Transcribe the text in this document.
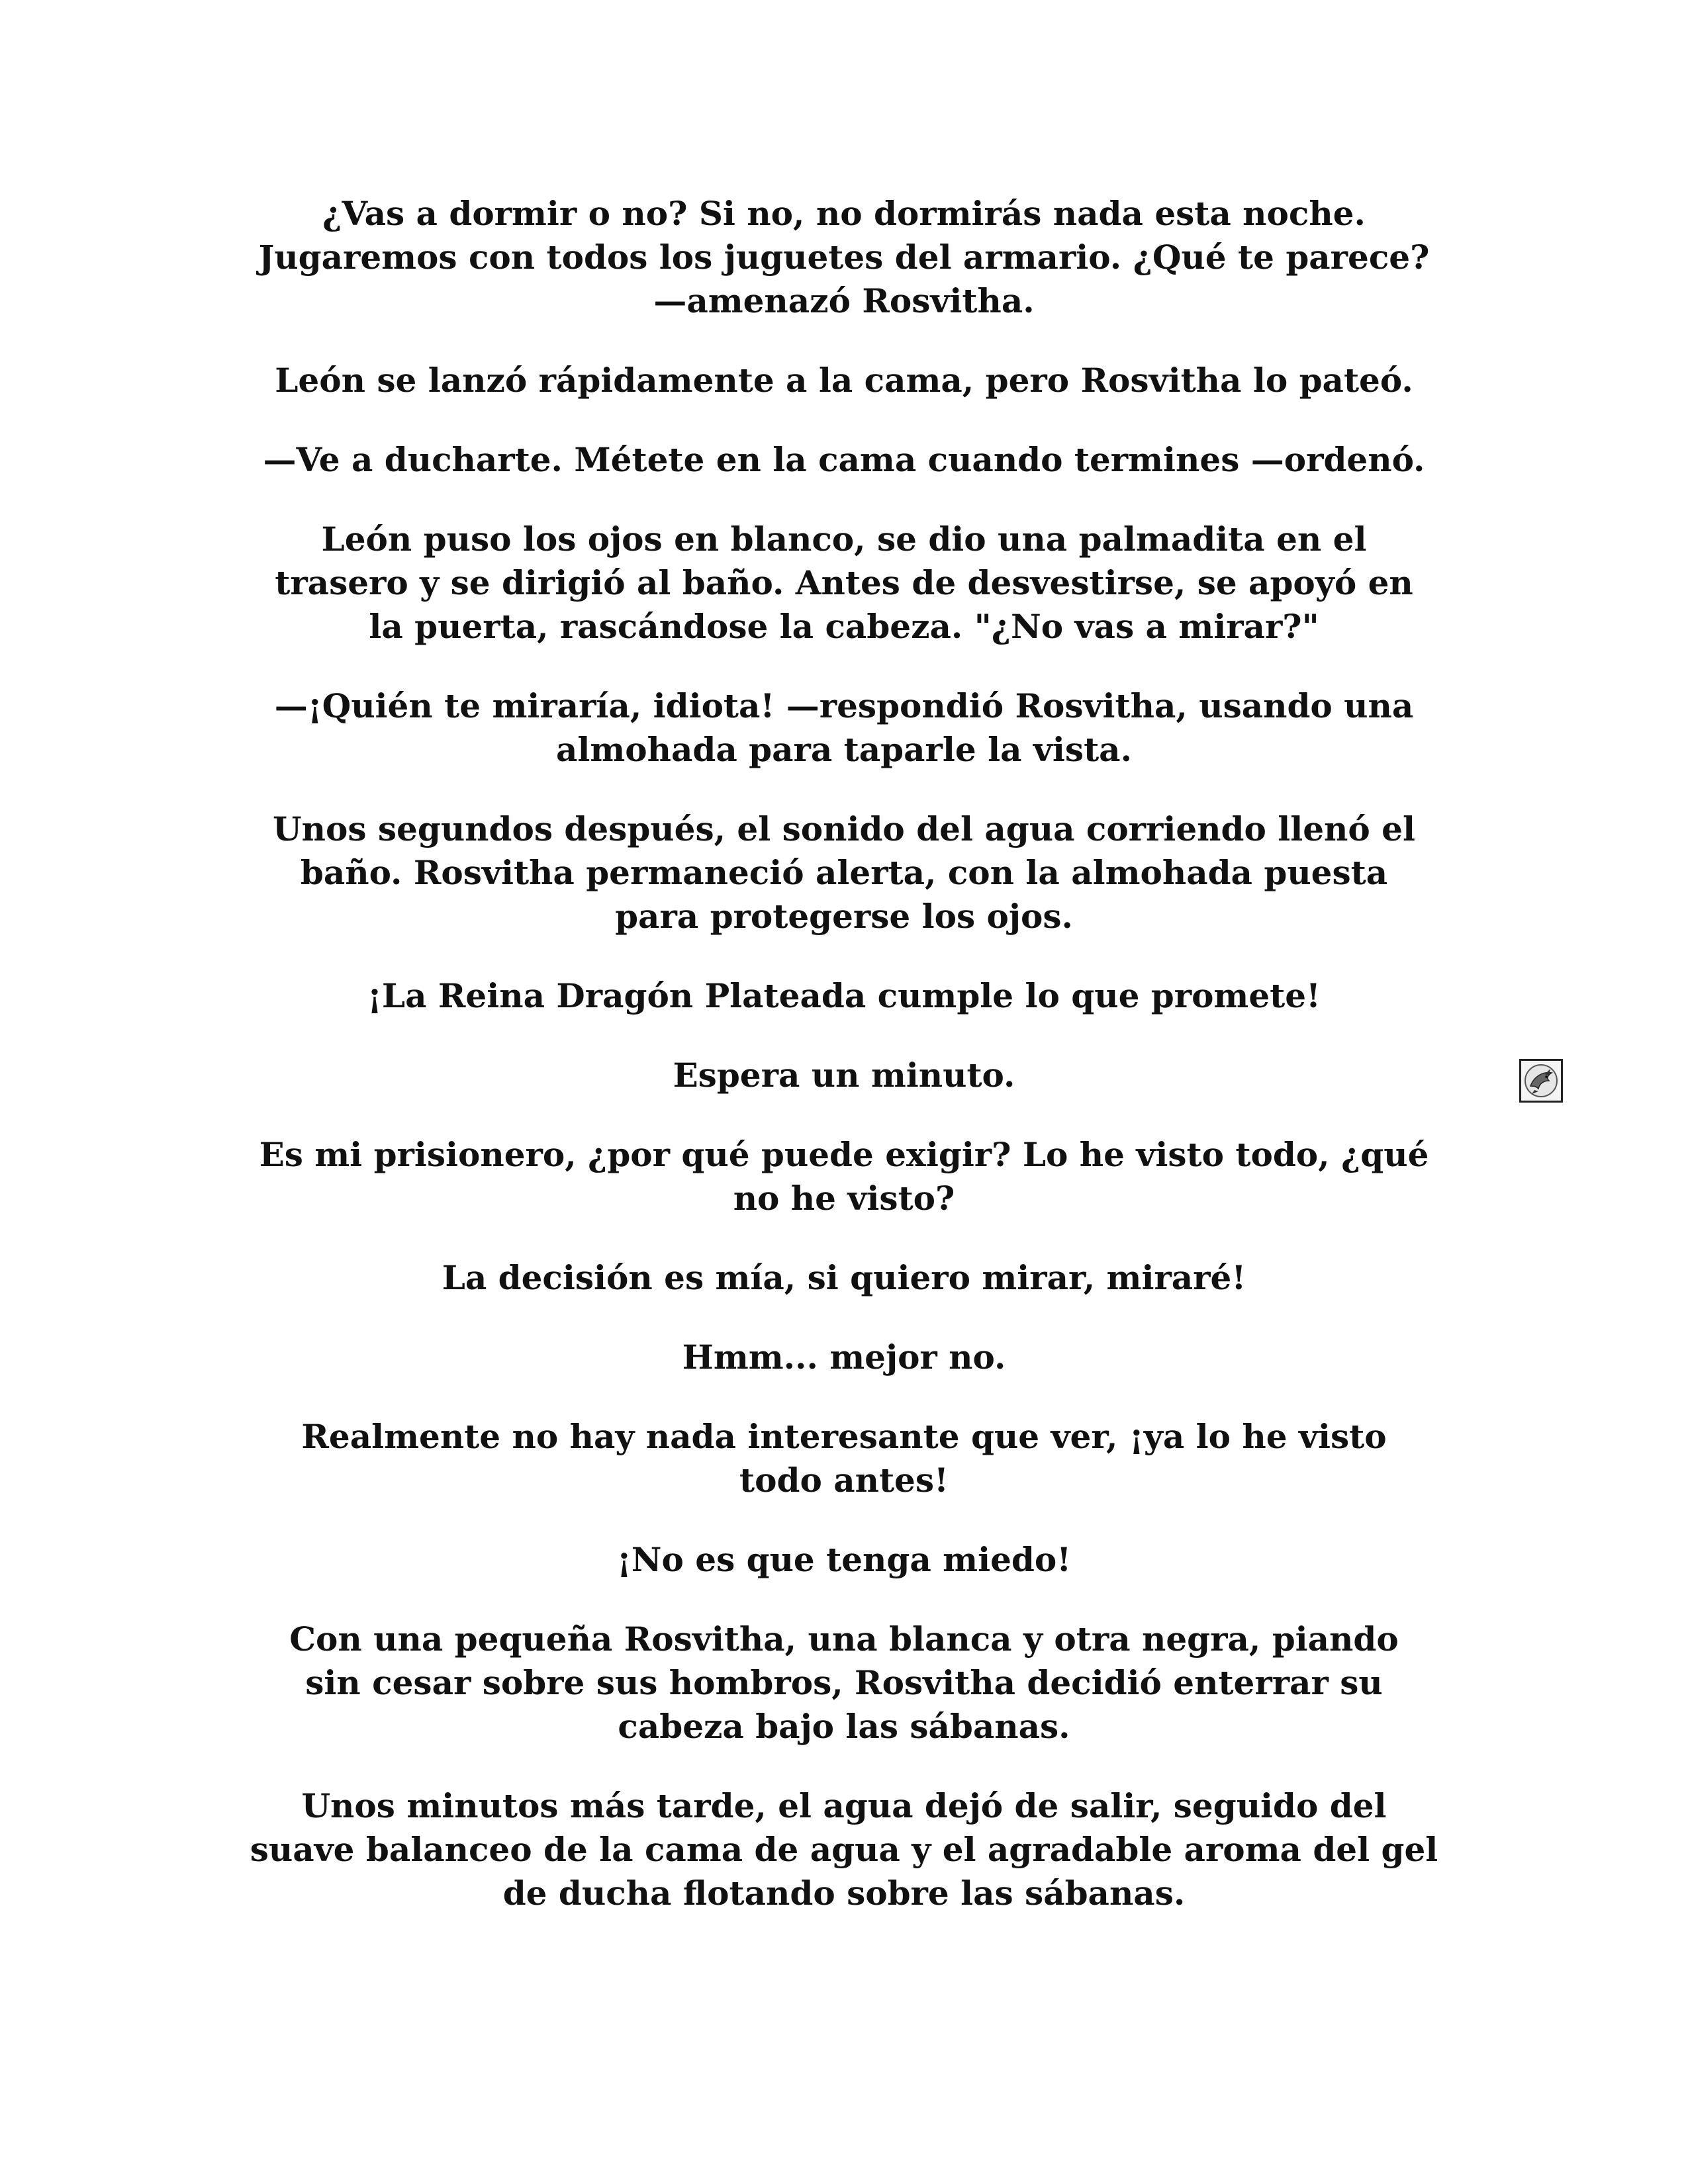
¿Vas a dormir o no? Si no, no dormirás nada esta noche.
Jugaremos con todos los juguetes del armario. ¿Qué te parece?
—amenazó Rosvitha.

León se lanzó rápidamente a la cama, pero Rosvitha lo pateó.

—Ve a ducharte. Métete en la cama cuando termines —ordenó.

León puso los ojos en blanco, se dio una palmadita en el
trasero y se dirigió al baño. Antes de desvestirse, se apoyó en
la puerta, rascándose la cabeza. "¿No vas a mirar?"

—¡Quién te miraría, idiota! —respondió Rosvitha, usando una
almohada para taparle la vista.

Unos segundos después, el sonido del agua corriendo llenó el
baño. Rosvitha permaneció alerta, con la almohada puesta
para protegerse los ojos.

¡La Reina Dragón Plateada cumple lo que promete!

Espera un minuto.

Es mi prisionero, ¿por qué puede exigir? Lo he visto todo, ¿qué
no he visto?

La decisión es mía, si quiero mirar, miraré!

Hmm... mejor no.

Realmente no hay nada interesante que ver, ¡ya lo he visto
todo antes!

¡No es que tenga miedo!

Con una pequeña Rosvitha, una blanca y otra negra, piando
sin cesar sobre sus hombros, Rosvitha decidió enterrar su
cabeza bajo las sábanas.

Unos minutos más tarde, el agua dejó de salir, seguido del
suave balanceo de la cama de agua y el agradable aroma del gel
de ducha flotando sobre las sábanas.
